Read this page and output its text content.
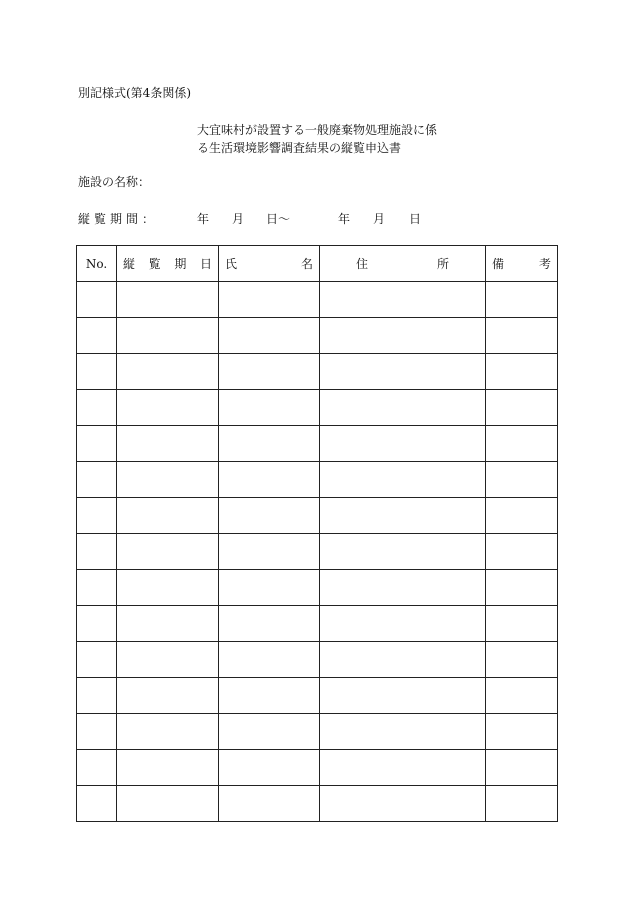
別記様式(第4条関係)
大宜味村が設置する一般廃棄物処理施設に係
る生活環境影響調査結果の縦覧申込書
施設の名称：
縦覧期間：	年 月 日～	年 月 日
No.	縦 覧 期 日	氏 名	住 所	備 考
